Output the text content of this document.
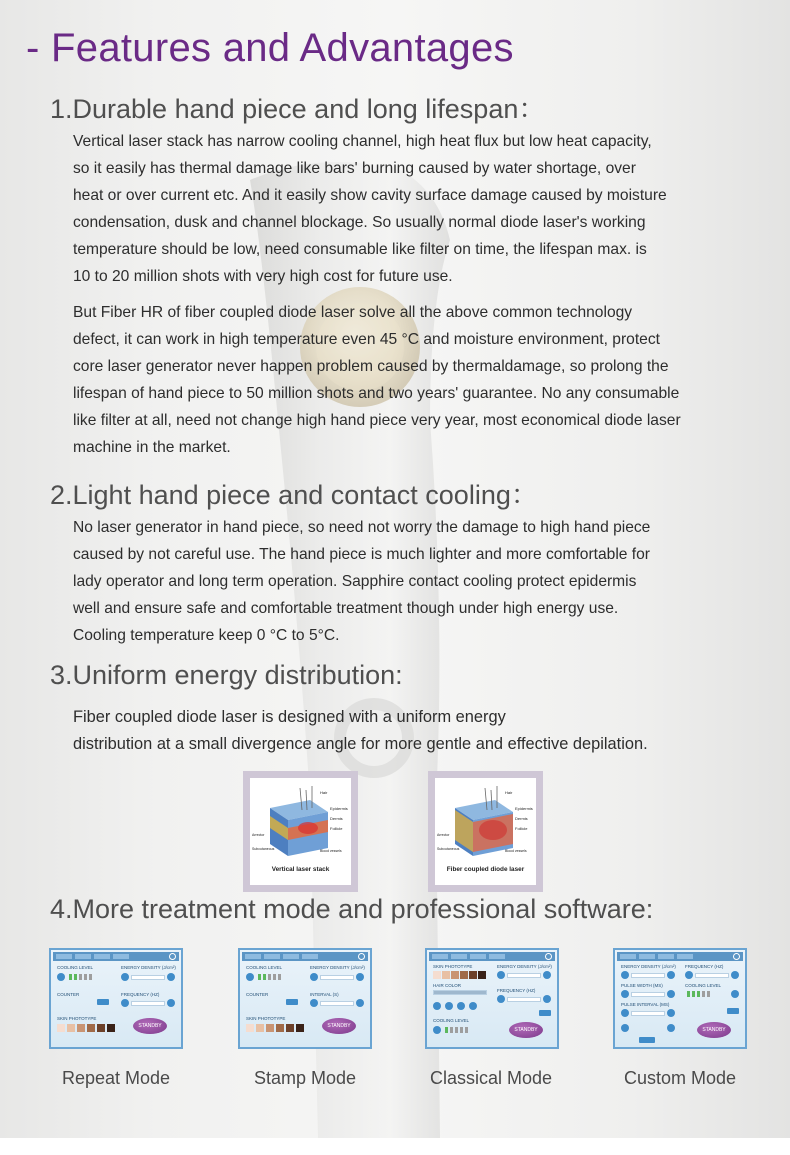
- Features and Advantages
1.Durable hand piece and long lifespan：

Vertical laser stack has narrow cooling channel, high heat flux but low heat capacity,
so it easily has thermal damage like bars' burning caused by water shortage, over
heat or over current etc. And it easily show cavity surface damage caused by moisture
condensation, dusk and channel blockage. So usually normal diode laser's working
temperature should be low, need consumable like filter on time, the lifespan max. is
10 to 20 million shots with very high cost for future use.

But Fiber HR of fiber coupled diode laser solve all the above common technology
defect, it can work in high temperature even 45 °C and moisture environment, protect
core laser generator never happen problem caused by thermaldamage, so prolong the
lifespan of hand piece to 50 million shots and two years' guarantee. No any consumable
like filter at all, need not change high hand piece very year, most economical diode laser
machine in the market.

2.Light hand piece and contact cooling：

No laser generator in hand piece, so need not worry the damage to high hand piece
caused by not careful use. The hand piece is much lighter and more comfortable for
lady operator and long term operation. Sapphire contact cooling protect epidermis
well and ensure safe and comfortable treatment though under high energy use.
Cooling temperature keep 0 °C to 5°C.

3.Uniform energy distribution:

Fiber coupled diode laser is designed with a uniform energy
distribution at a small divergence angle for more gentle and effective depilation.

Hair
Epidermis
Dermis
Follicle
Arrector
Subcutaneous	Blood vessels
Vertical laser stack
Hair
Epidermis
Dermis
Follicle
Arrector
Subcutaneous	Blood vessels
Fiber coupled diode laser
4.More treatment mode and professional software:
COOLING LEVEL	ENERGY DENSITY (J/cm²)
COUNTER	FREQUENCY (HZ)
SKIN PHOTOTYPE
STANDBY
COOLING LEVEL	ENERGY DENSITY (J/cm²)
COUNTER	INTERVAL (S)
SKIN PHOTOTYPE
STANDBY
SKIN PHOTOTYPE	ENERGY DENSITY (J/cm²)
HAIR COLOR
FREQUENCY (HZ)
COOLING LEVEL
STANDBY
ENERGY DENSITY (J/cm²) FREQUENCY (HZ)
PULSE WIDTH (MS)	COOLING LEVEL
PULSE INTERVAL (MS)
STANDBY
Repeat Mode	Stamp Mode	Classical Mode	Custom Mode
